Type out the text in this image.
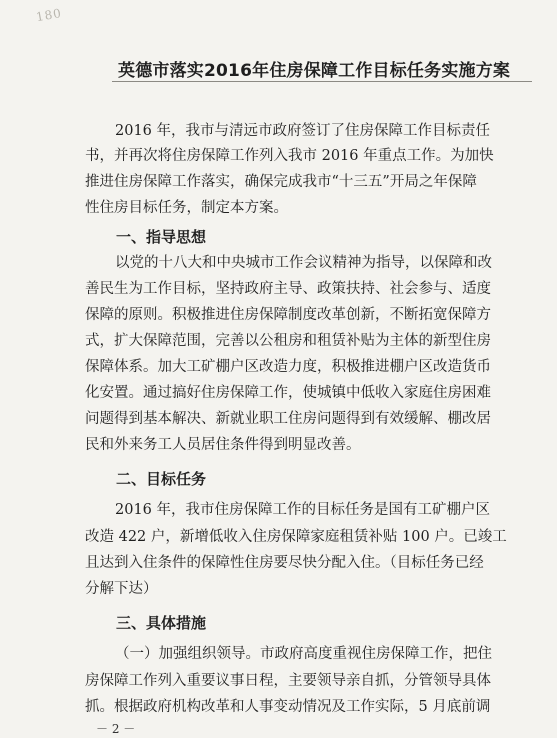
180
英德市落实2016年住房保障工作目标任务实施方案
2016 年，我市与清远市政府签订了住房保障工作目标责任
书，并再次将住房保障工作列入我市 2016 年重点工作。为加快
推进住房保障工作落实，确保完成我市“十三五”开局之年保障
性住房目标任务，制定本方案。
一、指导思想
以党的十八大和中央城市工作会议精神为指导，以保障和改
善民生为工作目标，坚持政府主导、政策扶持、社会参与、适度
保障的原则。积极推进住房保障制度改革创新，不断拓宽保障方
式，扩大保障范围，完善以公租房和租赁补贴为主体的新型住房
保障体系。加大工矿棚户区改造力度，积极推进棚户区改造货币
化安置。通过搞好住房保障工作，使城镇中低收入家庭住房困难
问题得到基本解决、新就业职工住房问题得到有效缓解、棚改居
民和外来务工人员居住条件得到明显改善。
二、目标任务
2016 年，我市住房保障工作的目标任务是国有工矿棚户区
改造 422 户，新增低收入住房保障家庭租赁补贴 100 户。已竣工
且达到入住条件的保障性住房要尽快分配入住。（目标任务已经
分解下达）
三、具体措施
（一）加强组织领导。市政府高度重视住房保障工作，把住
房保障工作列入重要议事日程，主要领导亲自抓，分管领导具体
抓。根据政府机构改革和人事变动情况及工作实际，5 月底前调
－ 2 －
